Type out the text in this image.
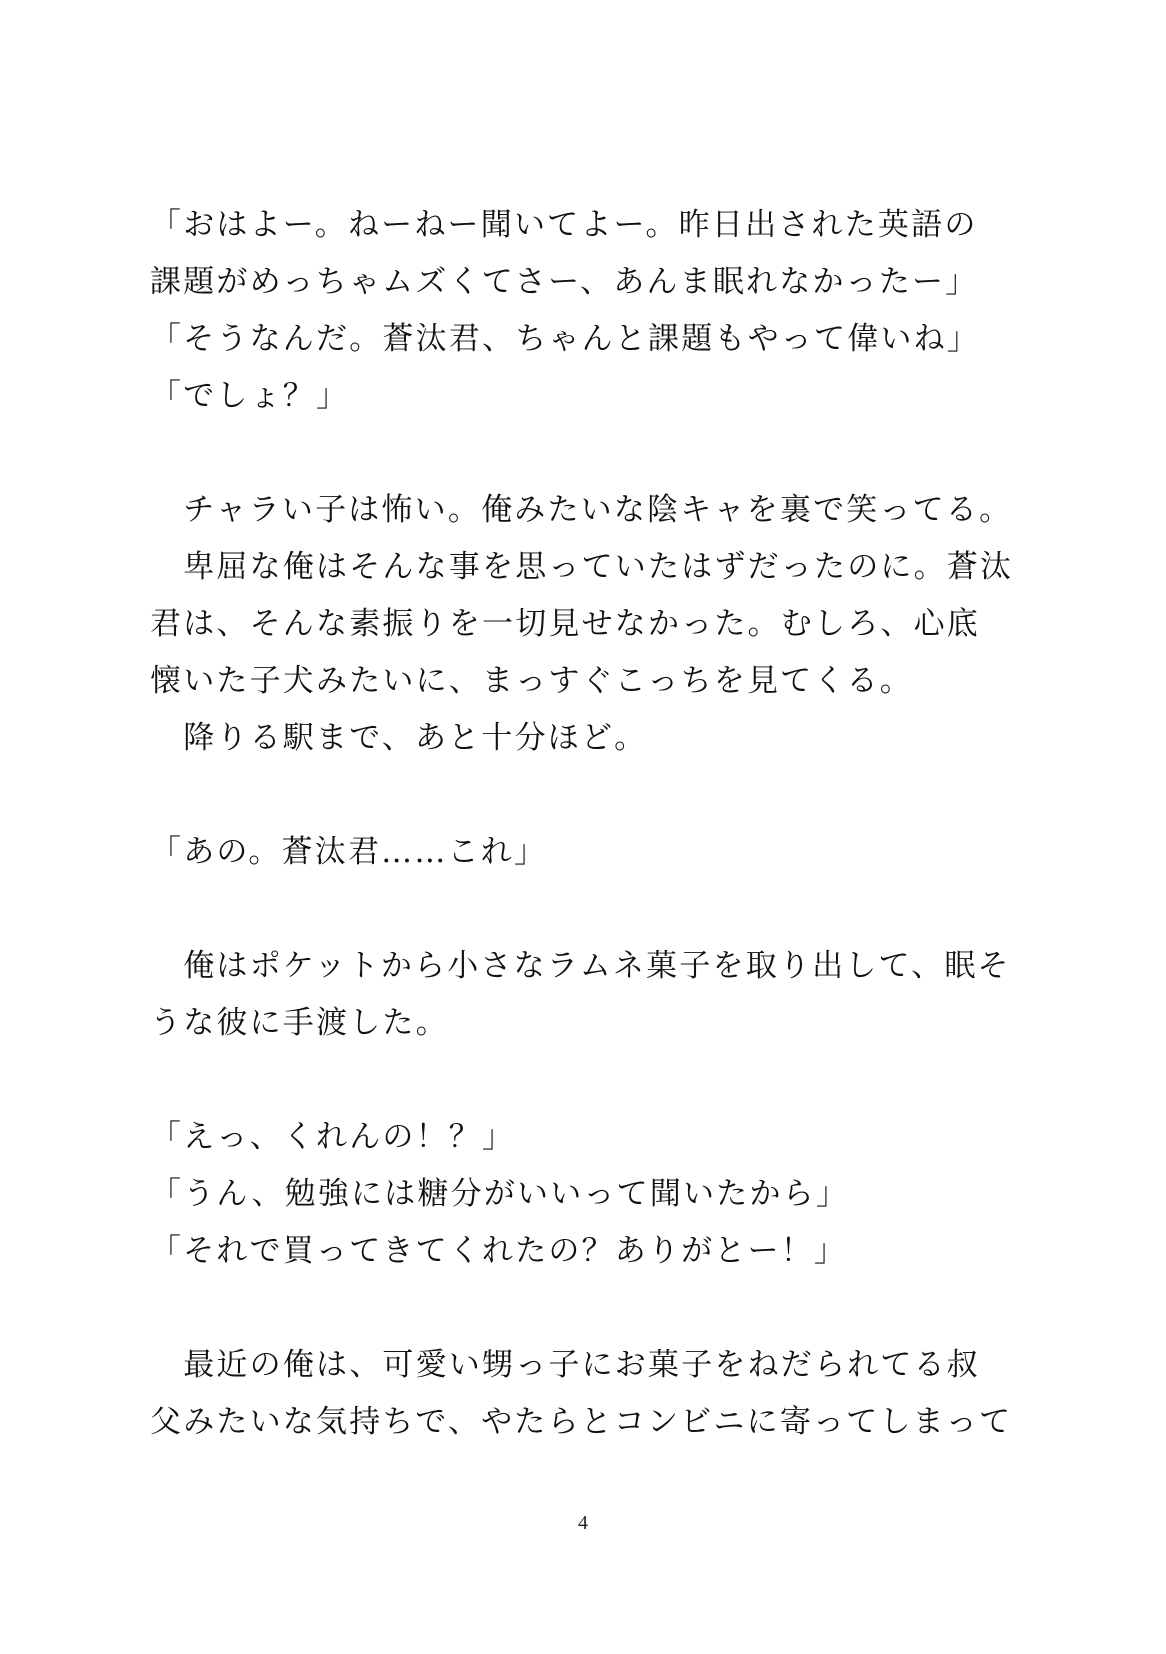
「おはよー。ねーねー聞いてよー。昨日出された英語の
課題がめっちゃムズくてさー、あんま眠れなかったー」
「そうなんだ。蒼汰君、ちゃんと課題もやって偉いね」
「でしょ？」
　チャラい子は怖い。俺みたいな陰キャを裏で笑ってる。
　卑屈な俺はそんな事を思っていたはずだったのに。蒼汰
君は、そんな素振りを一切見せなかった。むしろ、心底
懐いた子犬みたいに、まっすぐこっちを見てくる。
　降りる駅まで、あと十分ほど。
「あの。蒼汰君……これ」
　俺はポケットから小さなラムネ菓子を取り出して、眠そ
うな彼に手渡した。
「えっ、くれんの！？」
「うん、勉強には糖分がいいって聞いたから」
「それで買ってきてくれたの？ありがとー！」
　最近の俺は、可愛い甥っ子にお菓子をねだられてる叔
父みたいな気持ちで、やたらとコンビニに寄ってしまって
4
